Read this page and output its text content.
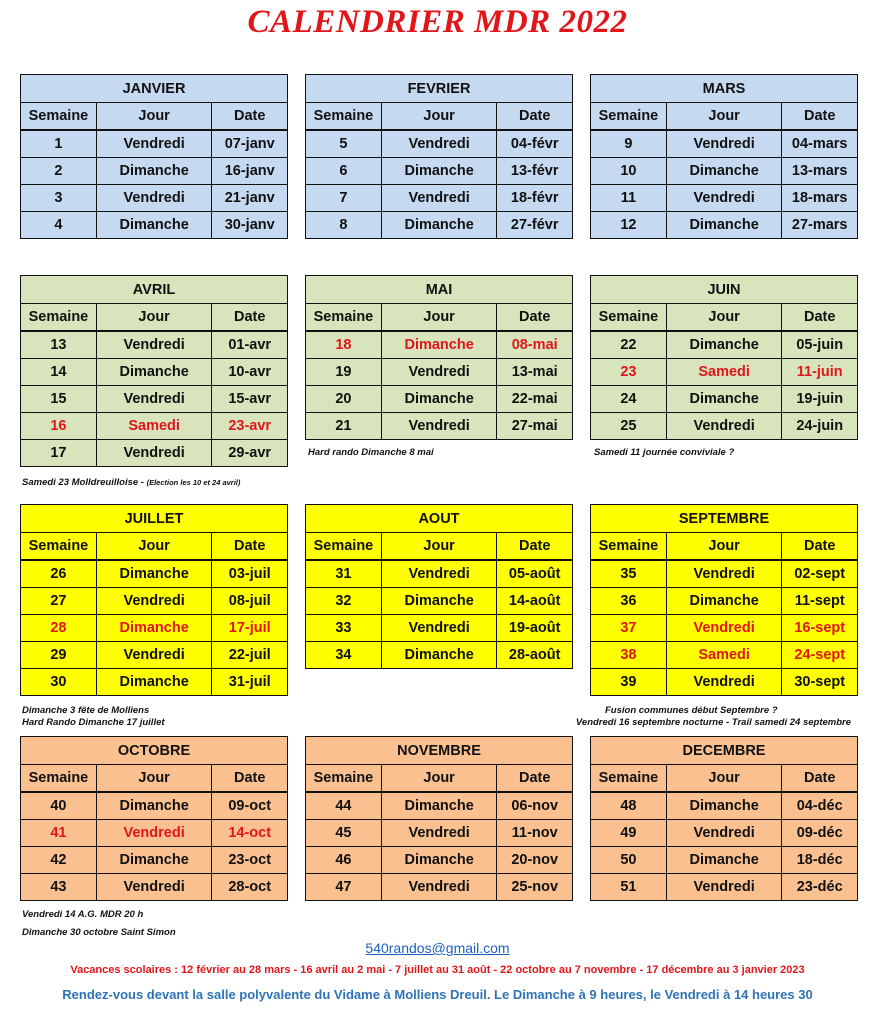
CALENDRIER MDR 2022
JANVIER		
Semaine	Jour	Date
1	Vendredi	07-janv
2	Dimanche	16-janv
3	Vendredi	21-janv
4	Dimanche	30-janv
FEVRIER		
Semaine	Jour	Date
5	Vendredi	04-févr
6	Dimanche	13-févr
7	Vendredi	18-févr
8	Dimanche	27-févr
MARS		
Semaine	Jour	Date
9	Vendredi	04-mars
10	Dimanche	13-mars
11	Vendredi	18-mars
12	Dimanche	27-mars
AVRIL		
Semaine	Jour	Date
13	Vendredi	01-avr
14	Dimanche	10-avr
15	Vendredi	15-avr
16	Samedi	23-avr
17	Vendredi	29-avr
MAI		
Semaine	Jour	Date
18	Dimanche	08-mai
19	Vendredi	13-mai
20	Dimanche	22-mai
21	Vendredi	27-mai
JUIN		
Semaine	Jour	Date
22	Dimanche	05-juin
23	Samedi	11-juin
24	Dimanche	19-juin
25	Vendredi	24-juin
Samedi 23 Molldreuilloise - (Election les 10 et 24 avril)
Hard rando Dimanche 8 mai	Samedi 11 journée conviviale ?
JUILLET		
Semaine	Jour	Date
26	Dimanche	03-juil
27	Vendredi	08-juil
28	Dimanche	17-juil
29	Vendredi	22-juil
30	Dimanche	31-juil
AOUT		
Semaine	Jour	Date
31	Vendredi	05-août
32	Dimanche	14-août
33	Vendredi	19-août
34	Dimanche	28-août
SEPTEMBRE		
Semaine	Jour	Date
35	Vendredi	02-sept
36	Dimanche	11-sept
37	Vendredi	16-sept
38	Samedi	24-sept
39	Vendredi	30-sept
Dimanche 3 fête de Molliens
Hard Rando Dimanche 17 juillet
Fusion communes début Septembre ?
Vendredi 16 septembre nocturne - Trail samedi 24 septembre
OCTOBRE		
Semaine	Jour	Date
40	Dimanche	09-oct
41	Vendredi	14-oct
42	Dimanche	23-oct
43	Vendredi	28-oct
NOVEMBRE		
Semaine	Jour	Date
44	Dimanche	06-nov
45	Vendredi	11-nov
46	Dimanche	20-nov
47	Vendredi	25-nov
DECEMBRE		
Semaine	Jour	Date
48	Dimanche	04-déc
49	Vendredi	09-déc
50	Dimanche	18-déc
51	Vendredi	23-déc
Vendredi 14 A.G. MDR 20 h
Dimanche 30 octobre Saint Simon
540randos@gmail.com
Vacances scolaires : 12 février au 28 mars - 16 avril au 2 mai - 7 juillet au 31 août - 22 octobre au 7 novembre - 17 décembre au 3 janvier 2023
Rendez-vous devant la salle polyvalente du Vidame à Molliens Dreuil. Le Dimanche à 9 heures, le Vendredi à 14 heures 30
